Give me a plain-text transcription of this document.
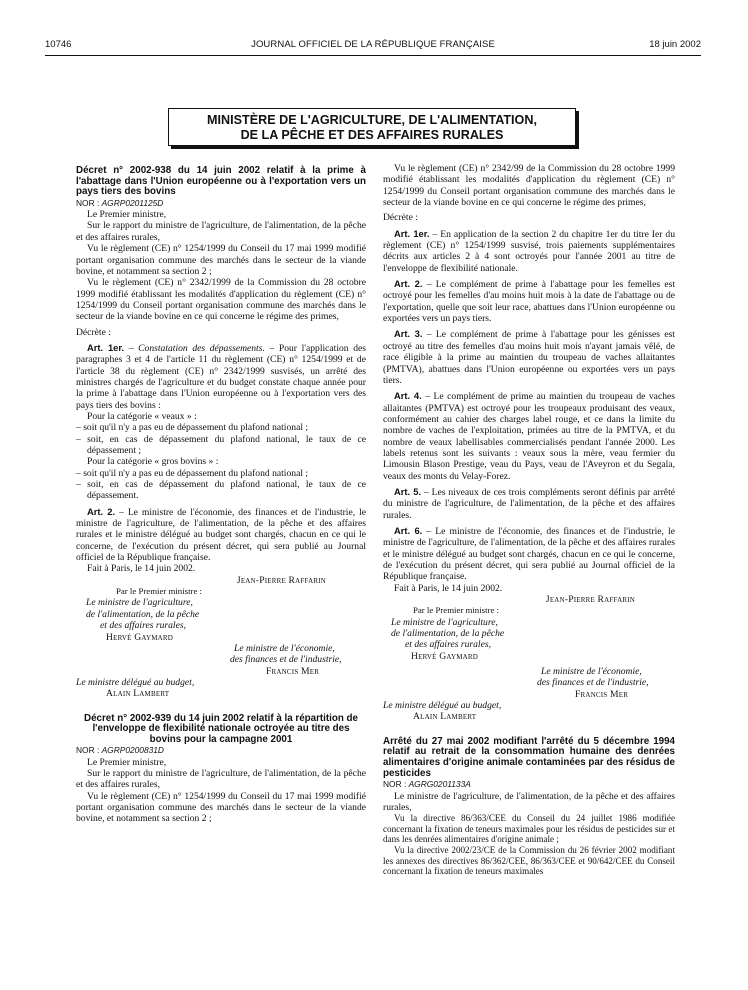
10746	JOURNAL OFFICIEL DE LA RÉPUBLIQUE FRANÇAISE	18 juin 2002
MINISTÈRE DE L'AGRICULTURE, DE L'ALIMENTATION,
DE LA PÊCHE ET DES AFFAIRES RURALES

Décret n° 2002-938 du 14 juin 2002 relatif à la prime à l'abattage dans l'Union européenne ou à l'exportation vers un pays tiers des bovins

NOR : AGRP0201125D

Le Premier ministre,

Sur le rapport du ministre de l'agriculture, de l'alimentation, de la pêche et des affaires rurales,

Vu le règlement (CE) n° 1254/1999 du Conseil du 17 mai 1999 modifié portant organisation commune des marchés dans le secteur de la viande bovine, et notamment sa section 2 ;

Vu le règlement (CE) n° 2342/1999 de la Commission du 28 octobre 1999 modifié établissant les modalités d'application du règlement (CE) n° 1254/1999 du Conseil portant organisation commune des marchés dans le secteur de la viande bovine en ce qui concerne le régime des primes,

Décrète :

Art. 1er. – Constatation des dépassements. – Pour l'application des paragraphes 3 et 4 de l'article 11 du règlement (CE) n° 1254/1999 et de l'article 38 du règlement (CE) n° 2342/1999 susvisés, un arrêté des ministres chargés de l'agriculture et du budget constate chaque année pour la prime à l'abattage dans l'Union européenne ou à l'exportation vers des pays tiers des bovins :

Pour la catégorie « veaux » :

– soit qu'il n'y a pas eu de dépassement du plafond national ;

– soit, en cas de dépassement du plafond national, le taux de ce dépassement ;

Pour la catégorie « gros bovins » :

– soit qu'il n'y a pas eu de dépassement du plafond national ;

– soit, en cas de dépassement du plafond national, le taux de ce dépassement.

Art. 2. – Le ministre de l'économie, des finances et de l'industrie, le ministre de l'agriculture, de l'alimentation, de la pêche et des affaires rurales et le ministre délégué au budget sont chargés, chacun en ce qui le concerne, de l'exécution du présent décret, qui sera publié au Journal officiel de la République française.

Fait à Paris, le 14 juin 2002.

Jean-Pierre Raffarin

Par le Premier ministre :

Le ministre de l'agriculture,

de l'alimentation, de la pêche

et des affaires rurales,

Hervé Gaymard

Le ministre de l'économie,

des finances et de l'industrie,

Francis Mer

Le ministre délégué au budget,

Alain Lambert

Décret n° 2002-939 du 14 juin 2002 relatif à la répartition de l'enveloppe de flexibilité nationale octroyée au titre des bovins pour la campagne 2001

NOR : AGRP0200831D

Le Premier ministre,

Sur le rapport du ministre de l'agriculture, de l'alimentation, de la pêche et des affaires rurales,

Vu le règlement (CE) n° 1254/1999 du Conseil du 17 mai 1999 modifié portant organisation commune des marchés dans le secteur de la viande bovine, et notamment sa section 2 ;

Vu le règlement (CE) n° 2342/99 de la Commission du 28 octobre 1999 modifié établissant les modalités d'application du règlement (CE) n° 1254/1999 du Conseil portant organisation commune des marchés dans le secteur de la viande bovine en ce qui concerne le régime des primes,

Décrète :

Art. 1er. – En application de la section 2 du chapitre 1er du titre Ier du règlement (CE) n° 1254/1999 susvisé, trois paiements supplémentaires décrits aux articles 2 à 4 sont octroyés pour l'année 2001 au titre de l'enveloppe de flexibilité nationale.

Art. 2. – Le complément de prime à l'abattage pour les femelles est octroyé pour les femelles d'au moins huit mois à la date de l'abattage ou de l'exportation, quelle que soit leur race, abattues dans l'Union européenne ou exportées vers un pays tiers.

Art. 3. – Le complément de prime à l'abattage pour les génisses est octroyé au titre des femelles d'au moins huit mois n'ayant jamais vêlé, de race éligible à la prime au maintien du troupeau de vaches allaitantes (PMTVA), abattues dans l'Union européenne ou exportées vers un pays tiers.

Art. 4. – Le complément de prime au maintien du troupeau de vaches allaitantes (PMTVA) est octroyé pour les troupeaux produisant des veaux, conformément au cahier des charges label rouge, et ce dans la limite du nombre de vaches de l'exploitation, primées au titre de la PMTVA, et du nombre de veaux labellisables commercialisés pendant l'année 2000. Les labels retenus sont les suivants : veaux sous la mère, veau fermier du Limousin Blason Prestige, veau du Pays, veau de l'Aveyron et du Segala, veaux des monts du Velay-Forez.

Art. 5. – Les niveaux de ces trois compléments seront définis par arrêté du ministre de l'agriculture, de l'alimentation, de la pêche et des affaires rurales.

Art. 6. – Le ministre de l'économie, des finances et de l'industrie, le ministre de l'agriculture, de l'alimentation, de la pêche et des affaires rurales et le ministre délégué au budget sont chargés, chacun en ce qui le concerne, de l'exécution du présent décret, qui sera publié au Journal officiel de la République française.

Fait à Paris, le 14 juin 2002.

Jean-Pierre Raffarin

Par le Premier ministre :

Le ministre de l'agriculture,

de l'alimentation, de la pêche

et des affaires rurales,

Hervé Gaymard

Le ministre de l'économie,

des finances et de l'industrie,

Francis Mer

Le ministre délégué au budget,

Alain Lambert

Arrêté du 27 mai 2002 modifiant l'arrêté du 5 décembre 1994 relatif au retrait de la consommation humaine des denrées alimentaires d'origine animale contaminées par des résidus de pesticides

NOR : AGRG0201133A

Le ministre de l'agriculture, de l'alimentation, de la pêche et des affaires rurales,

Vu la directive 86/363/CEE du Conseil du 24 juillet 1986 modifiée concernant la fixation de teneurs maximales pour les résidus de pesticides sur et dans les denrées alimentaires d'origine animale ;

Vu la directive 2002/23/CE de la Commission du 26 février 2002 modifiant les annexes des directives 86/362/CEE, 86/363/CEE et 90/642/CEE du Conseil concernant la fixation de teneurs maximales
